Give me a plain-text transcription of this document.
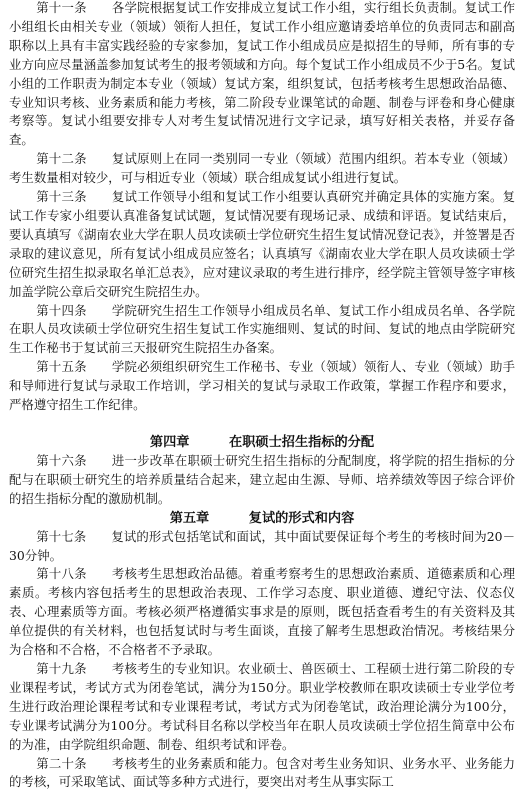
第十一条　　各学院根据复试工作安排成立复试工作小组，实行组长负责制。复试工作小组组长由相关专业（领域）领衔人担任，复试工作小组应邀请委培单位的负责同志和副高职称以上具有丰富实践经验的专家参加，复试工作小组成员应是拟招生的导师，所有事的专业方向应尽量涵盖参加复试考生的报考领域和方向。每个复试工作小组成员不少于5名。复试小组的工作职责为制定本专业（领域）复试方案，组织复试，包括考核考生思想政治品德、专业知识考核、业务素质和能力考核，第二阶段专业课笔试的命题、制卷与评卷和身心健康考察等。复试小组要安排专人对考生复试情况进行文字记录，填写好相关表格，并妥存备查。

第十二条　　复试原则上在同一类别同一专业（领域）范围内组织。若本专业（领域）考生数量相对较少，可与相近专业（领域）联合组成复试小组进行复试。

第十三条　　复试工作领导小组和复试工作小组要认真研究并确定具体的实施方案。复试工作专家小组要认真准备复试试题，复试情况要有现场记录、成绩和评语。复试结束后，要认真填写《湖南农业大学在职人员攻读硕士学位研究生招生复试情况登记表》，并签署是否录取的建议意见，所有复试小组成员应签名；认真填写《湖南农业大学在职人员攻读硕士学位研究生招生拟录取名单汇总表》，应对建议录取的考生进行排序，经学院主管领导签字审核加盖学院公章后交研究生院招生办。

第十四条　　学院研究生招生工作领导小组成员名单、复试工作小组成员名单、各学院在职人员攻读硕士学位研究生招生复试工作实施细则、复试的时间、复试的地点由学院研究生工作秘书于复试前三天报研究生院招生办备案。

第十五条　　学院必须组织研究生工作秘书、专业（领域）领衔人、专业（领域）助手和导师进行复试与录取工作培训，学习相关的复试与录取工作政策，掌握工作程序和要求，严格遵守招生工作纪律。

第四章　　　在职硕士招生指标的分配

第十六条　　进一步改革在职硕士研究生招生指标的分配制度，将学院的招生指标的分配与在职硕士研究生的培养质量结合起来，建立起由生源、导师、培养绩效等因子综合评价的招生指标分配的激励机制。

第五章　　　复试的形式和内容

第十七条　　复试的形式包括笔试和面试，其中面试要保证每个考生的考核时间为20－30分钟。

第十八条　　考核考生思想政治品德。着重考察考生的思想政治素质、道德素质和心理素质。考核内容包括考生的思想政治表现、工作学习态度、职业道德、遵纪守法、仪态仪表、心理素质等方面。考核必须严格遵循实事求是的原则，既包括查看考生的有关资料及其单位提供的有关材料，也包括复试时与考生面谈，直接了解考生思想政治情况。考核结果分为合格和不合格，不合格者不予录取。

第十九条　　考核考生的专业知识。农业硕士、兽医硕士、工程硕士进行第二阶段的专业课程考试，考试方式为闭卷笔试，满分为150分。职业学校教师在职攻读硕士专业学位考生进行政治理论课程考试和专业课程考试，考试方式为闭卷笔试，政治理论满分为100分，专业课考试满分为100分。考试科目名称以学校当年在职人员攻读硕士学位招生简章中公布的为准，由学院组织命题、制卷、组织考试和评卷。

第二十条　　考核考生的业务素质和能力。包含对考生业务知识、业务水平、业务能力的考核，可采取笔试、面试等多种方式进行，要突出对考生从事实际工
